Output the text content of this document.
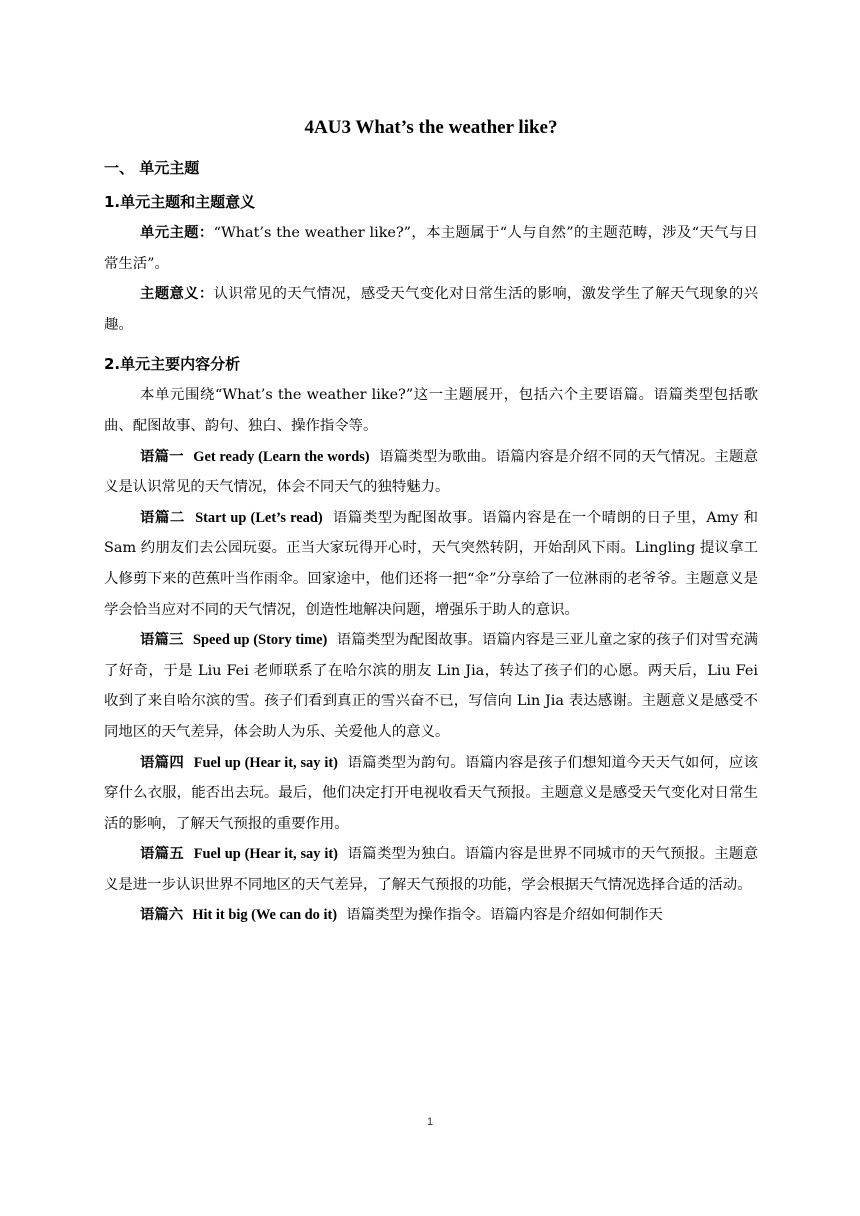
4AU3 What’s the weather like?
一、 单元主题
1.单元主题和主题意义

单元主题：“What’s the weather like?”，本主题属于“人与自然”的主题范畴，涉及“天气与日常生活”。

主题意义：认识常见的天气情况，感受天气变化对日常生活的影响，激发学生了解天气现象的兴趣。

2.单元主要内容分析

本单元围绕“What’s the weather like?”这一主题展开，包括六个主要语篇。语篇类型包括歌曲、配图故事、韵句、独白、操作指令等。

语篇一 Get ready (Learn the words) 语篇类型为歌曲。语篇内容是介绍不同的天气情况。主题意义是认识常见的天气情况，体会不同天气的独特魅力。

语篇二 Start up (Let’s read) 语篇类型为配图故事。语篇内容是在一个晴朗的日子里，Amy 和 Sam 约朋友们去公园玩耍。正当大家玩得开心时，天气突然转阴，开始刮风下雨。Lingling 提议拿工人修剪下来的芭蕉叶当作雨伞。回家途中，他们还将一把“伞”分享给了一位淋雨的老爷爷。主题意义是学会恰当应对不同的天气情况，创造性地解决问题，增强乐于助人的意识。

语篇三 Speed up (Story time) 语篇类型为配图故事。语篇内容是三亚儿童之家的孩子们对雪充满了好奇，于是 Liu Fei 老师联系了在哈尔滨的朋友 Lin Jia，转达了孩子们的心愿。两天后，Liu Fei 收到了来自哈尔滨的雪。孩子们看到真正的雪兴奋不已，写信向 Lin Jia 表达感谢。主题意义是感受不同地区的天气差异，体会助人为乐、关爱他人的意义。

语篇四 Fuel up (Hear it, say it) 语篇类型为韵句。语篇内容是孩子们想知道今天天气如何，应该穿什么衣服，能否出去玩。最后，他们决定打开电视收看天气预报。主题意义是感受天气变化对日常生活的影响，了解天气预报的重要作用。

语篇五 Fuel up (Hear it, say it) 语篇类型为独白。语篇内容是世界不同城市的天气预报。主题意义是进一步认识世界不同地区的天气差异，了解天气预报的功能，学会根据天气情况选择合适的活动。

语篇六 Hit it big (We can do it) 语篇类型为操作指令。语篇内容是介绍如何制作天

1
